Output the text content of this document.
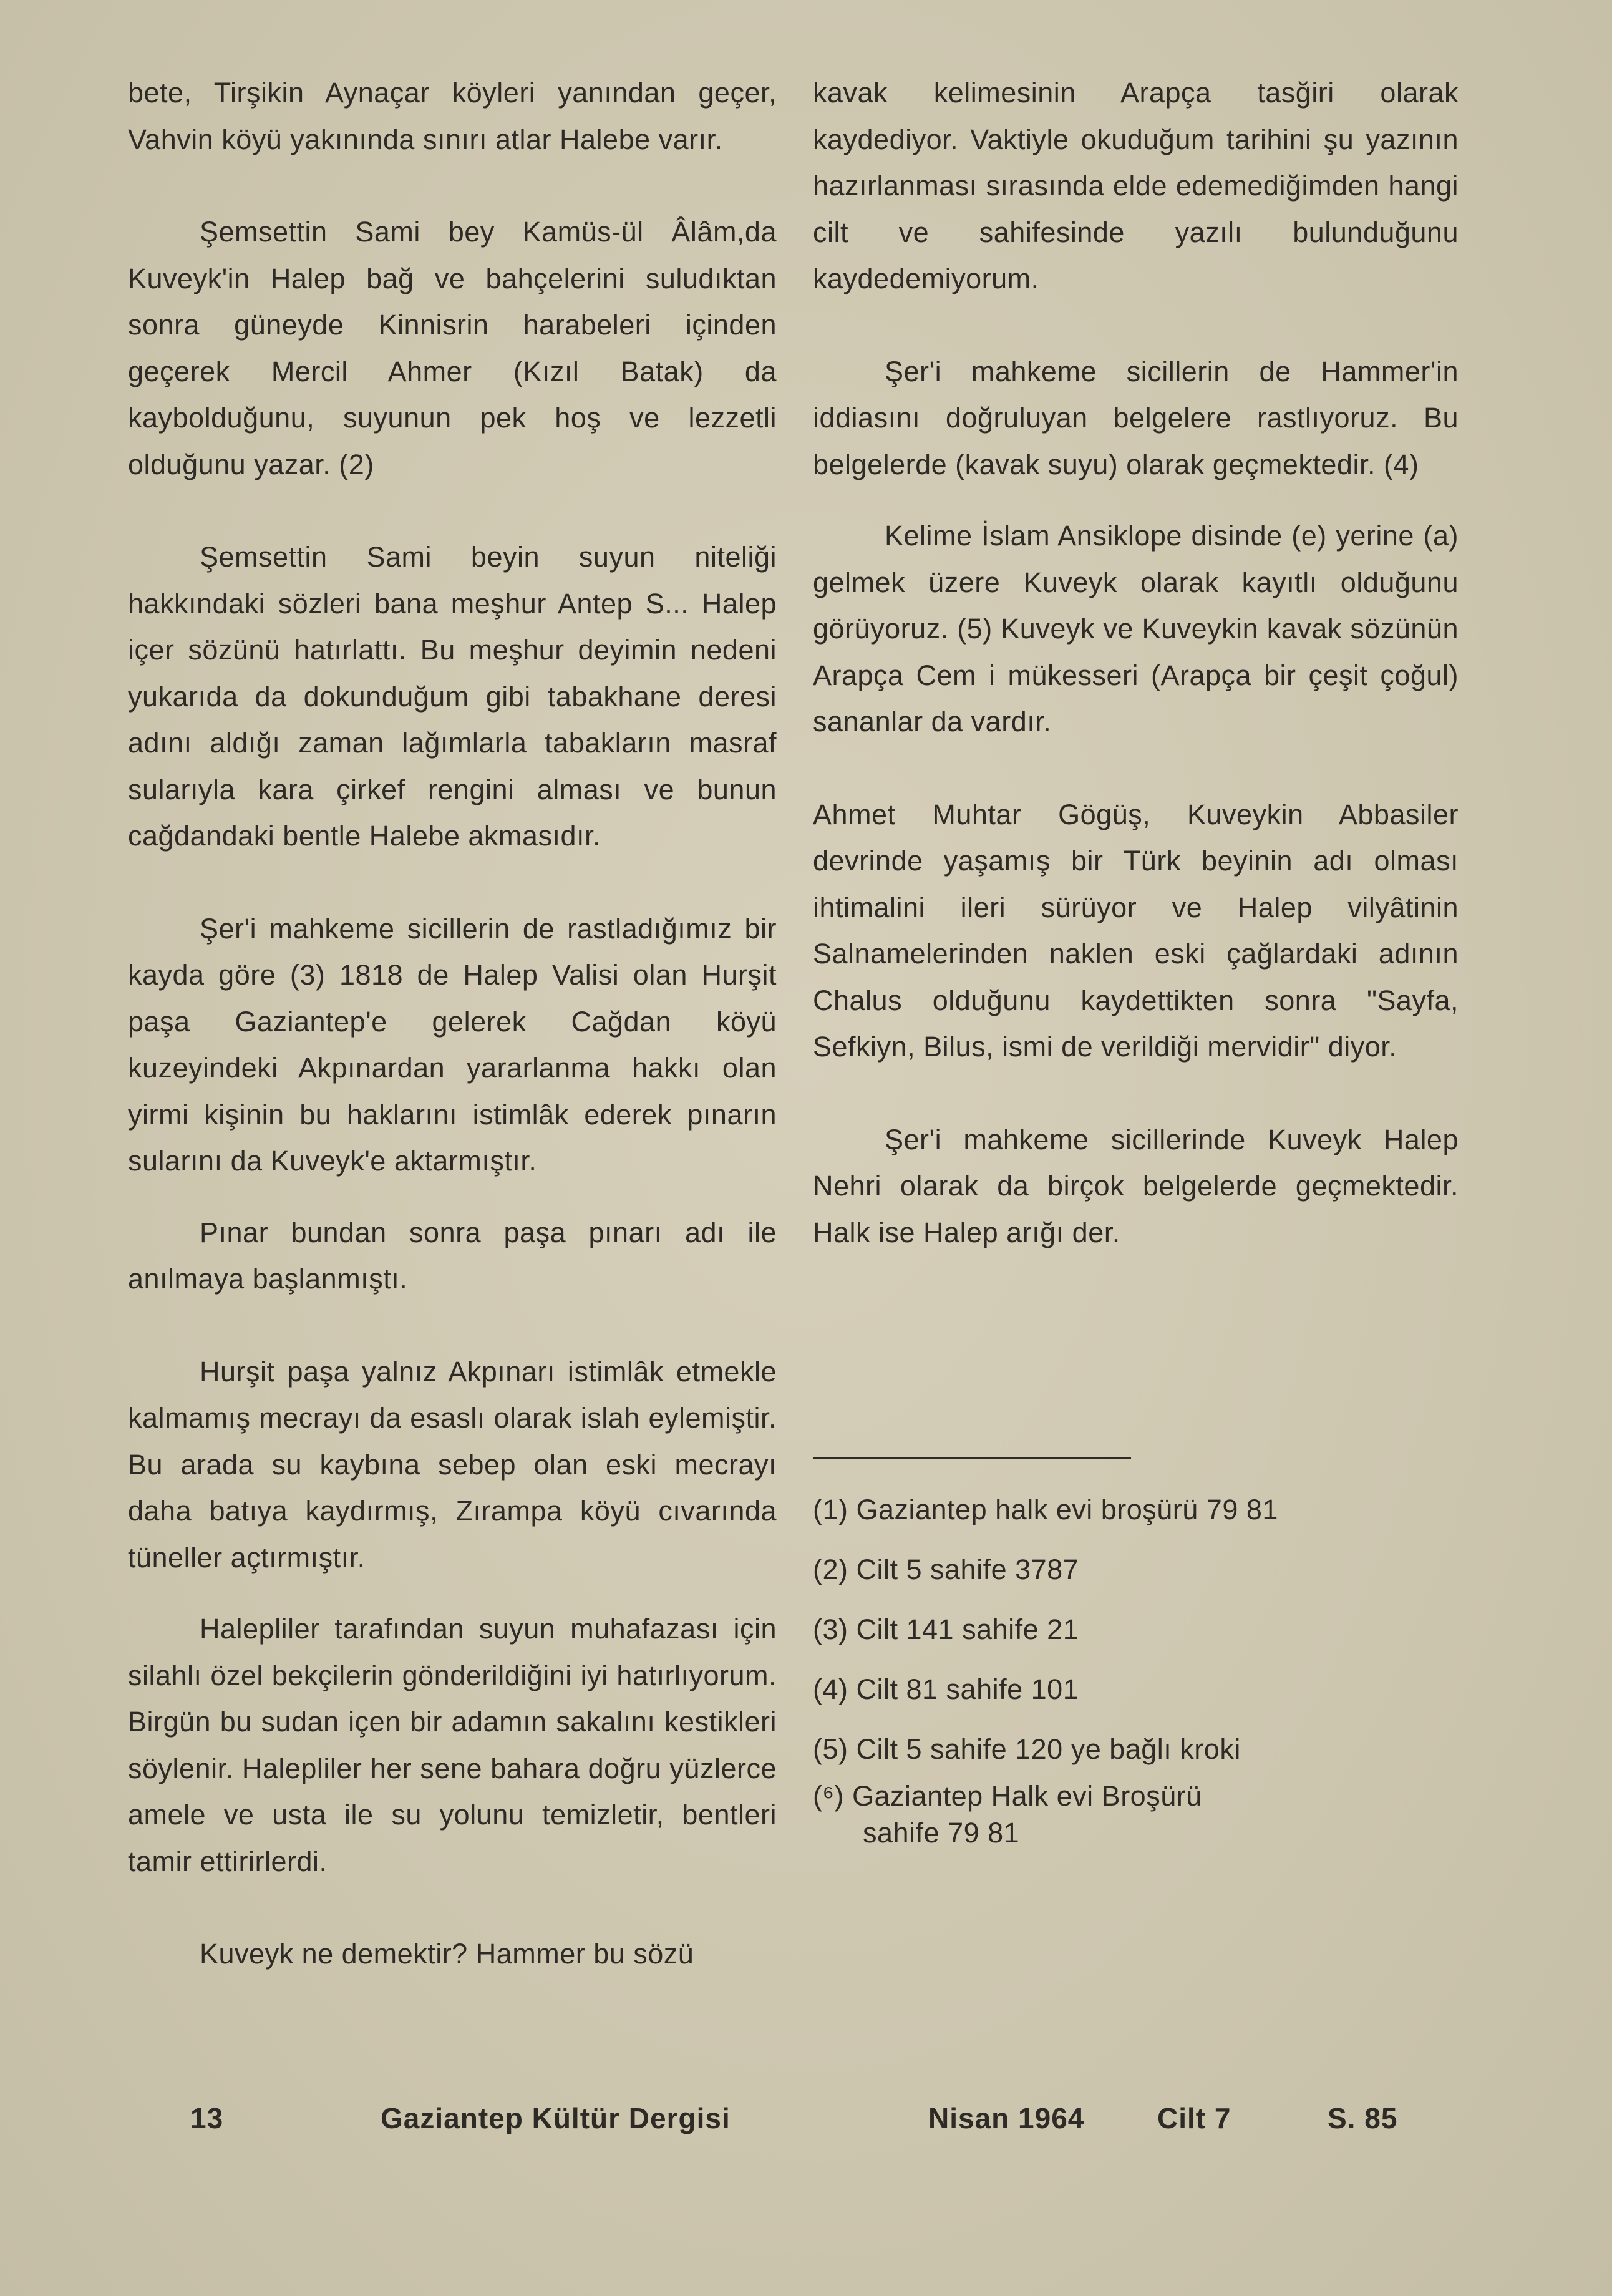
bete, Tirşikin Aynaçar köyleri yanından geçer, Vahvin köyü yakınında sınırı atlar Halebe varır.

Şemsettin Sami bey Kamüs-ül Âlâm,da Kuveyk'in Halep bağ ve bahçelerini suludıktan sonra güneyde Kinnisrin harabeleri içinden geçerek Mercil Ahmer (Kızıl Batak) da kaybolduğunu, suyunun pek hoş ve lezzetli olduğunu yazar. (2)

Şemsettin Sami beyin suyun niteliği hakkındaki sözleri bana meşhur Antep S... Halep içer sözünü hatırlattı. Bu meşhur deyimin nedeni yukarıda da dokunduğum gibi tabakhane deresi adını aldığı zaman lağımlarla tabakların masraf sularıyla kara çirkef rengini alması ve bunun cağdandaki bentle Halebe akmasıdır.

Şer'i mahkeme sicillerin de rastladığımız bir kayda göre (3) 1818 de Halep Valisi olan Hurşit paşa Gaziantep'e gelerek Cağdan köyü kuzeyindeki Akpınardan yararlanma hakkı olan yirmi kişinin bu haklarını istimlâk ederek pınarın sularını da Kuveyk'e aktarmıştır.

Pınar bundan sonra paşa pınarı adı ile anılmaya başlanmıştı.

Hurşit paşa yalnız Akpınarı istimlâk etmekle kalmamış mecrayı da esaslı olarak islah eylemiştir. Bu arada su kaybına sebep olan eski mecrayı daha batıya kaydırmış, Zırampa köyü cıvarında tüneller açtırmıştır.

Halepliler tarafından suyun muhafazası için silahlı özel bekçilerin gönderildiğini iyi hatırlıyorum. Birgün bu sudan içen bir adamın sakalını kestikleri söylenir. Halepliler her sene bahara doğru yüzlerce amele ve usta ile su yolunu temizletir, bentleri tamir ettirirlerdi.

Kuveyk ne demektir? Hammer bu sözü

kavak kelimesinin Arapça tasğiri olarak kaydediyor. Vaktiyle okuduğum tarihini şu yazının hazırlanması sırasında elde edemediğimden hangi cilt ve sahifesinde yazılı bulunduğunu kaydedemiyorum.

Şer'i mahkeme sicillerin de Hammer'in iddiasını doğruluyan belgelere rastlıyoruz. Bu belgelerde (kavak suyu) olarak geçmektedir. (4)

Kelime İslam Ansiklope disinde (e) yerine (a) gelmek üzere Kuveyk olarak kayıtlı olduğunu görüyoruz. (5) Kuveyk ve Kuveykin kavak sözünün Arapça Cem i mükesseri (Arapça bir çeşit çoğul) sananlar da vardır.

Ahmet Muhtar Gögüş, Kuveykin Abbasiler devrinde yaşamış bir Türk beyinin adı olması ihtimalini ileri sürüyor ve Halep vilyâtinin Salnamelerinden naklen eski çağlardaki adının Chalus olduğunu kaydettikten sonra "Sayfa, Sefkiyn, Bilus, ismi de verildiği mervidir" diyor.

Şer'i mahkeme sicillerinde Kuveyk Halep Nehri olarak da birçok belgelerde geçmektedir. Halk ise Halep arığı der.

(1) Gaziantep halk evi broşürü 79 81
(2) Cilt 5 sahife 3787
(3) Cilt 141 sahife 21
(4) Cilt 81 sahife 101
(5) Cilt 5 sahife 120 ye bağlı kroki
(⁶) Gaziantep Halk evi Broşürü
sahife 79 81
13	Gaziantep Kültür Dergisi	Nisan 1964	Cilt 7	S. 85
